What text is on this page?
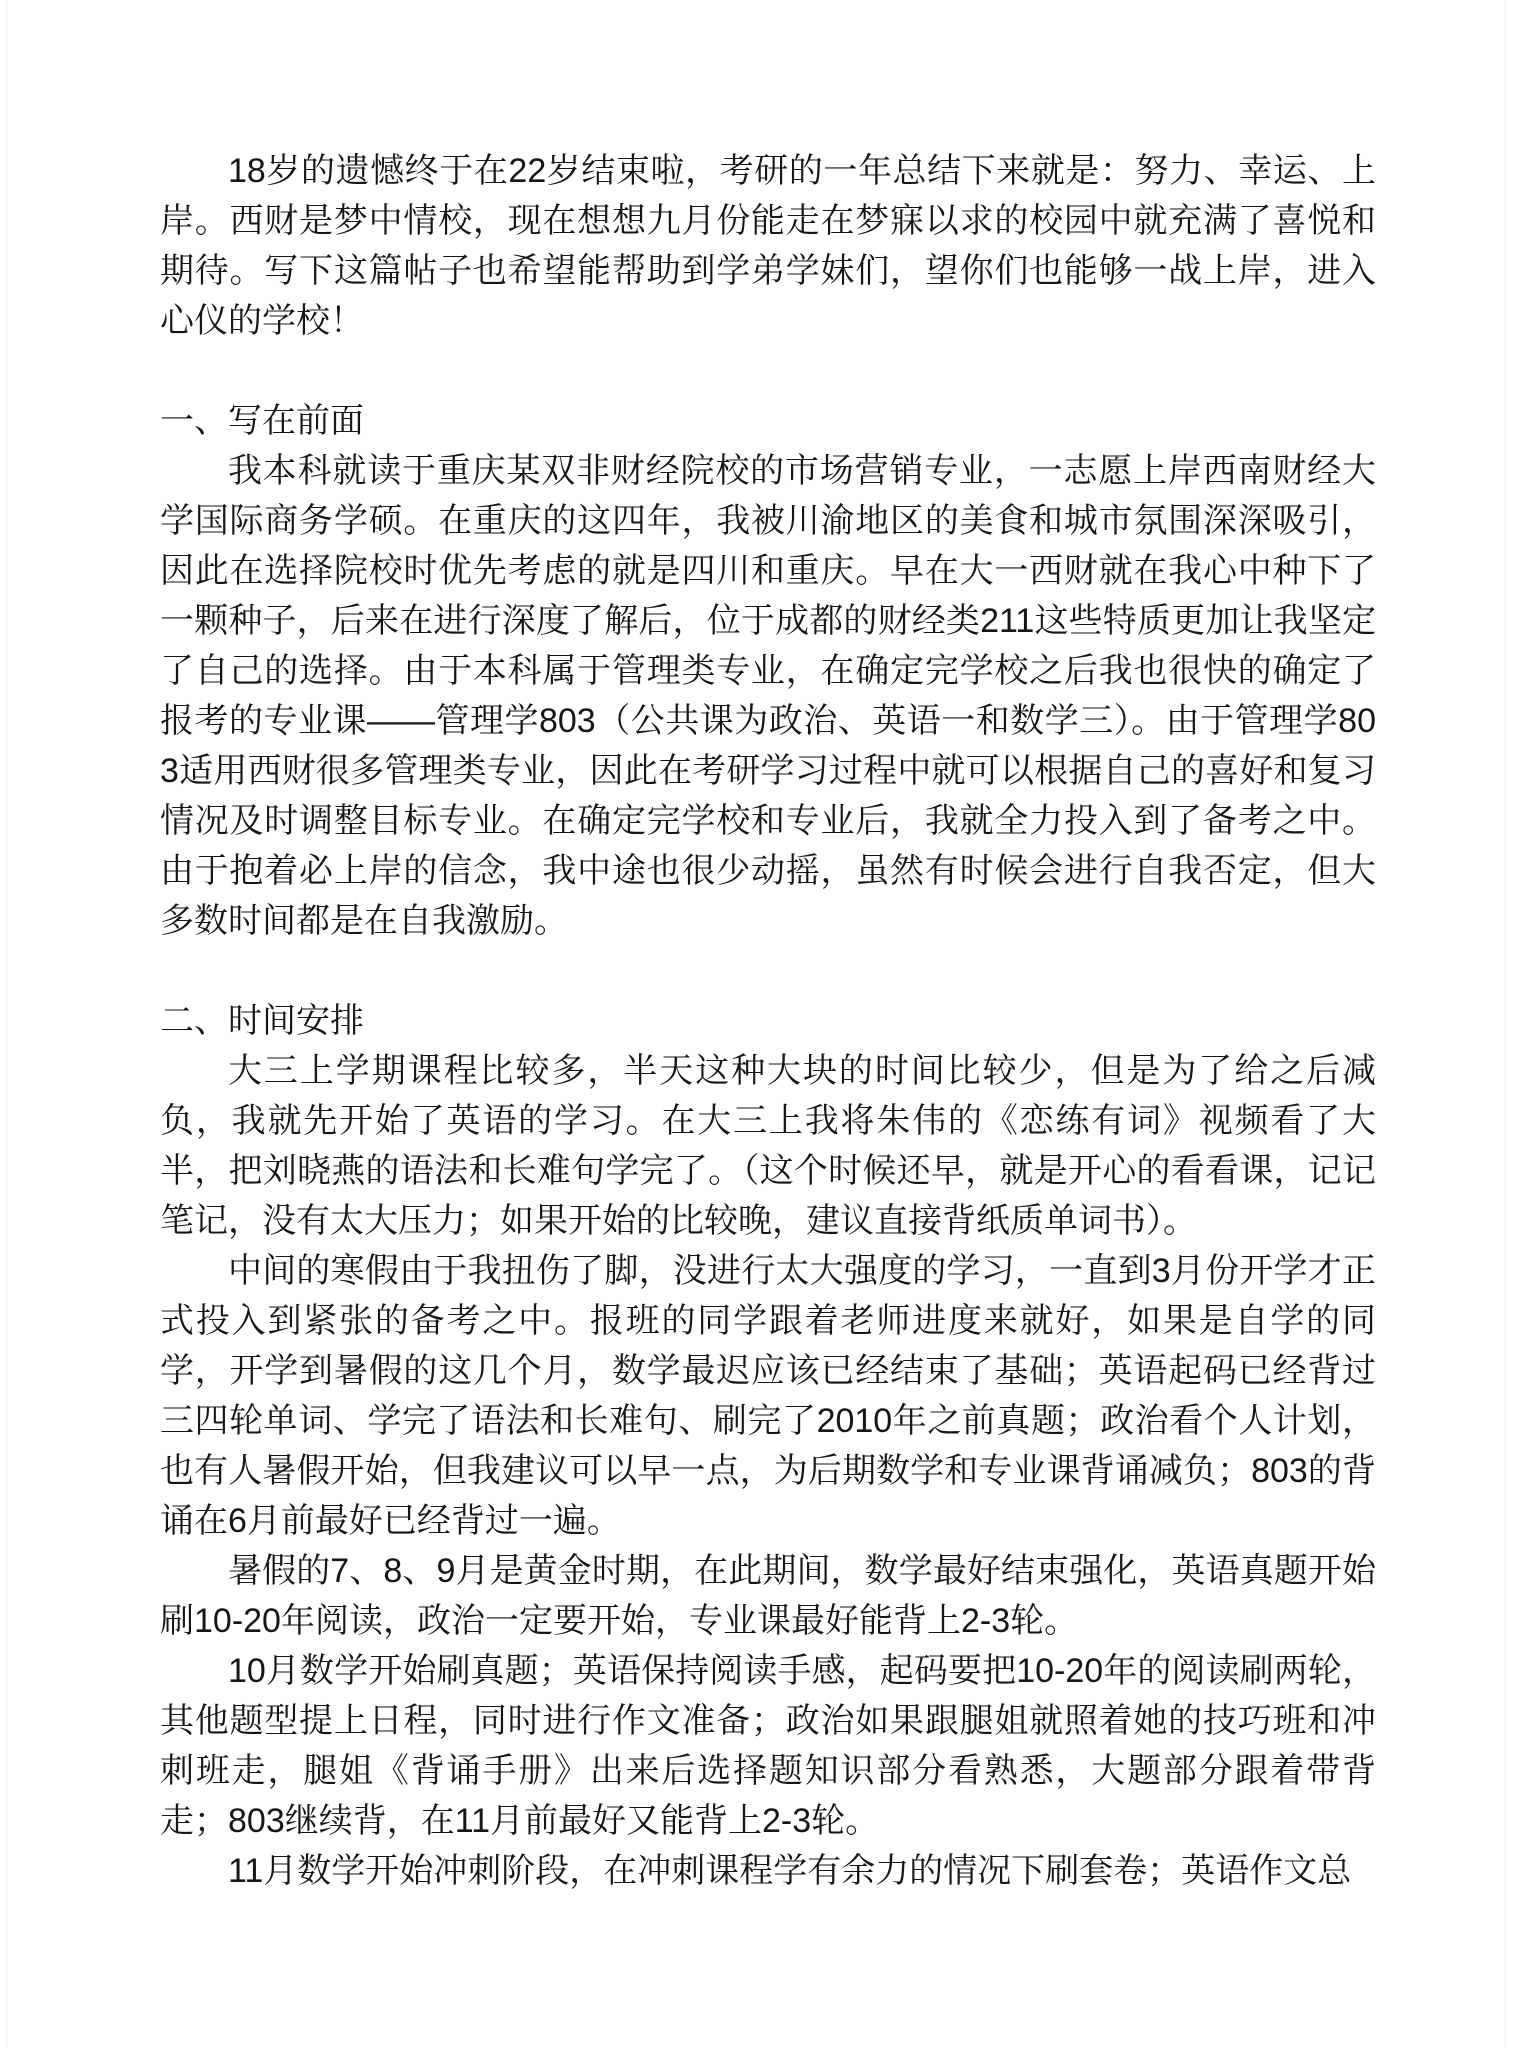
18岁的遗憾终于在22岁结束啦，考研的一年总结下来就是：努力、幸运、上岸。西财是梦中情校，现在想想九月份能走在梦寐以求的校园中就充满了喜悦和期待。写下这篇帖子也希望能帮助到学弟学妹们，望你们也能够一战上岸，进入心仪的学校！

一、写在前面

我本科就读于重庆某双非财经院校的市场营销专业，一志愿上岸西南财经大学国际商务学硕。在重庆的这四年，我被川渝地区的美食和城市氛围深深吸引，因此在选择院校时优先考虑的就是四川和重庆。早在大一西财就在我心中种下了一颗种子，后来在进行深度了解后，位于成都的财经类211这些特质更加让我坚定了自己的选择。由于本科属于管理类专业，在确定完学校之后我也很快的确定了报考的专业课——管理学803（公共课为政治、英语一和数学三）。由于管理学803适用西财很多管理类专业，因此在考研学习过程中就可以根据自己的喜好和复习情况及时调整目标专业。在确定完学校和专业后，我就全力投入到了备考之中。由于抱着必上岸的信念，我中途也很少动摇，虽然有时候会进行自我否定，但大多数时间都是在自我激励。

二、时间安排

大三上学期课程比较多，半天这种大块的时间比较少，但是为了给之后减负，我就先开始了英语的学习。在大三上我将朱伟的《恋练有词》视频看了大半，把刘晓燕的语法和长难句学完了。（这个时候还早，就是开心的看看课，记记笔记，没有太大压力；如果开始的比较晚，建议直接背纸质单词书）。

中间的寒假由于我扭伤了脚，没进行太大强度的学习，一直到3月份开学才正式投入到紧张的备考之中。报班的同学跟着老师进度来就好，如果是自学的同学，开学到暑假的这几个月，数学最迟应该已经结束了基础；英语起码已经背过三四轮单词、学完了语法和长难句、刷完了2010年之前真题；政治看个人计划，也有人暑假开始，但我建议可以早一点，为后期数学和专业课背诵减负；803的背诵在6月前最好已经背过一遍。

暑假的7、8、9月是黄金时期，在此期间，数学最好结束强化，英语真题开始刷10-20年阅读，政治一定要开始，专业课最好能背上2-3轮。

10月数学开始刷真题；英语保持阅读手感，起码要把10-20年的阅读刷两轮，其他题型提上日程，同时进行作文准备；政治如果跟腿姐就照着她的技巧班和冲刺班走，腿姐《背诵手册》出来后选择题知识部分看熟悉，大题部分跟着带背走；803继续背，在11月前最好又能背上2-3轮。

11月数学开始冲刺阶段，在冲刺课程学有余力的情况下刷套卷；英语作文总
